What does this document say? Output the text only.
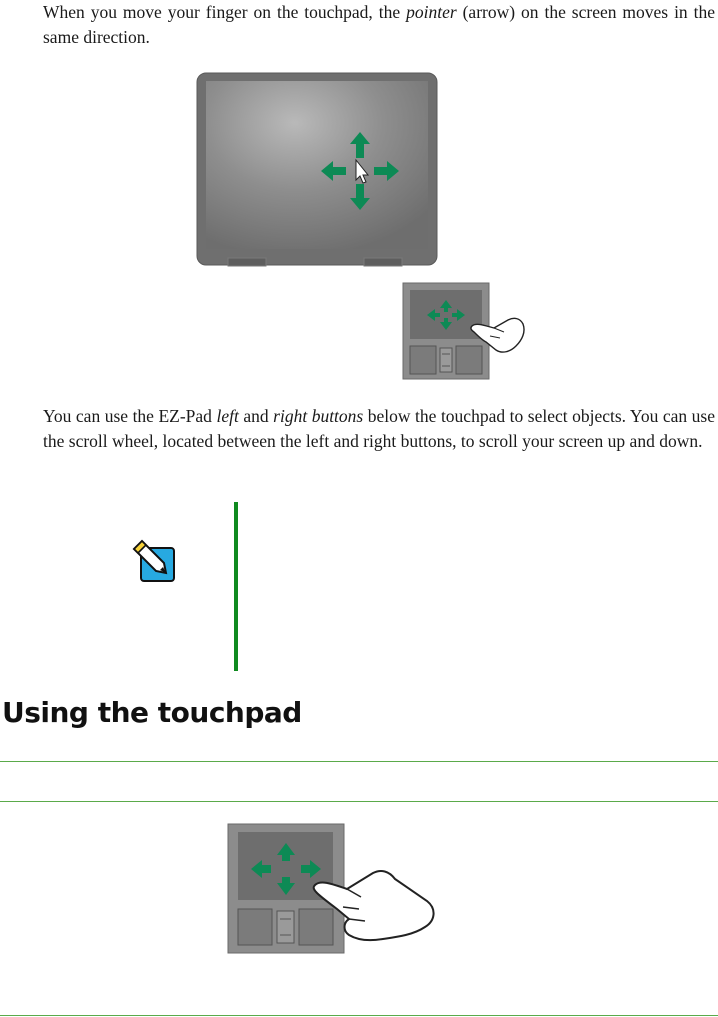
When you move your finger on the touchpad, the pointer (arrow) on the screen moves in the same direction.

You can use the EZ-Pad left and right buttons below the touchpad to select objects. You can use the scroll wheel, located between the left and right buttons, to scroll your screen up and down.

Using the touchpad
